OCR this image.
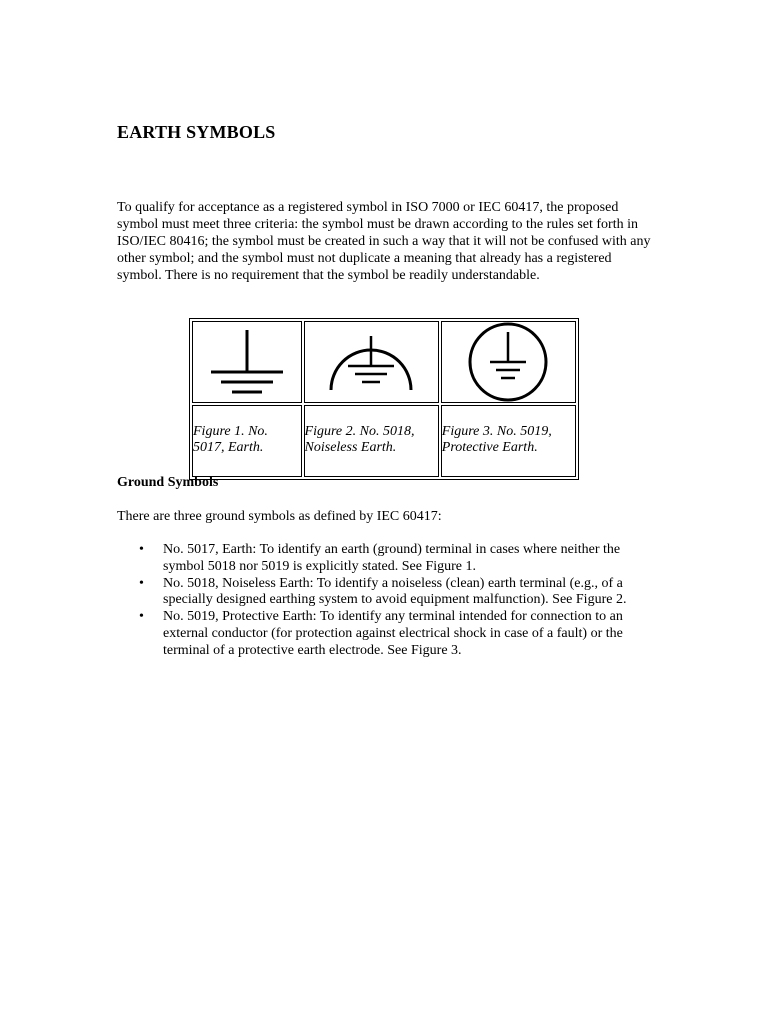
EARTH SYMBOLS

To qualify for acceptance as a registered symbol in ISO 7000 or IEC 60417, the proposed symbol must meet three criteria: the symbol must be drawn according to the rules set forth in ISO/IEC 80416; the symbol must be created in such a way that it will not be confused with any other symbol; and the symbol must not duplicate a meaning that already has a registered symbol. There is no requirement that the symbol be readily understandable.

Figure 1. No. 5017, Earth.	Figure 2. No. 5018, Noiseless Earth.	Figure 3. No. 5019, Protective Earth.
Ground Symbols

There are three ground symbols as defined by IEC 60417:

• No. 5017, Earth: To identify an earth (ground) terminal in cases where neither the symbol 5018 nor 5019 is explicitly stated. See Figure 1.
• No. 5018, Noiseless Earth: To identify a noiseless (clean) earth terminal (e.g., of a specially designed earthing system to avoid equipment malfunction). See Figure 2.
• No. 5019, Protective Earth: To identify any terminal intended for connection to an external conductor (for protection against electrical shock in case of a fault) or the terminal of a protective earth electrode. See Figure 3.
